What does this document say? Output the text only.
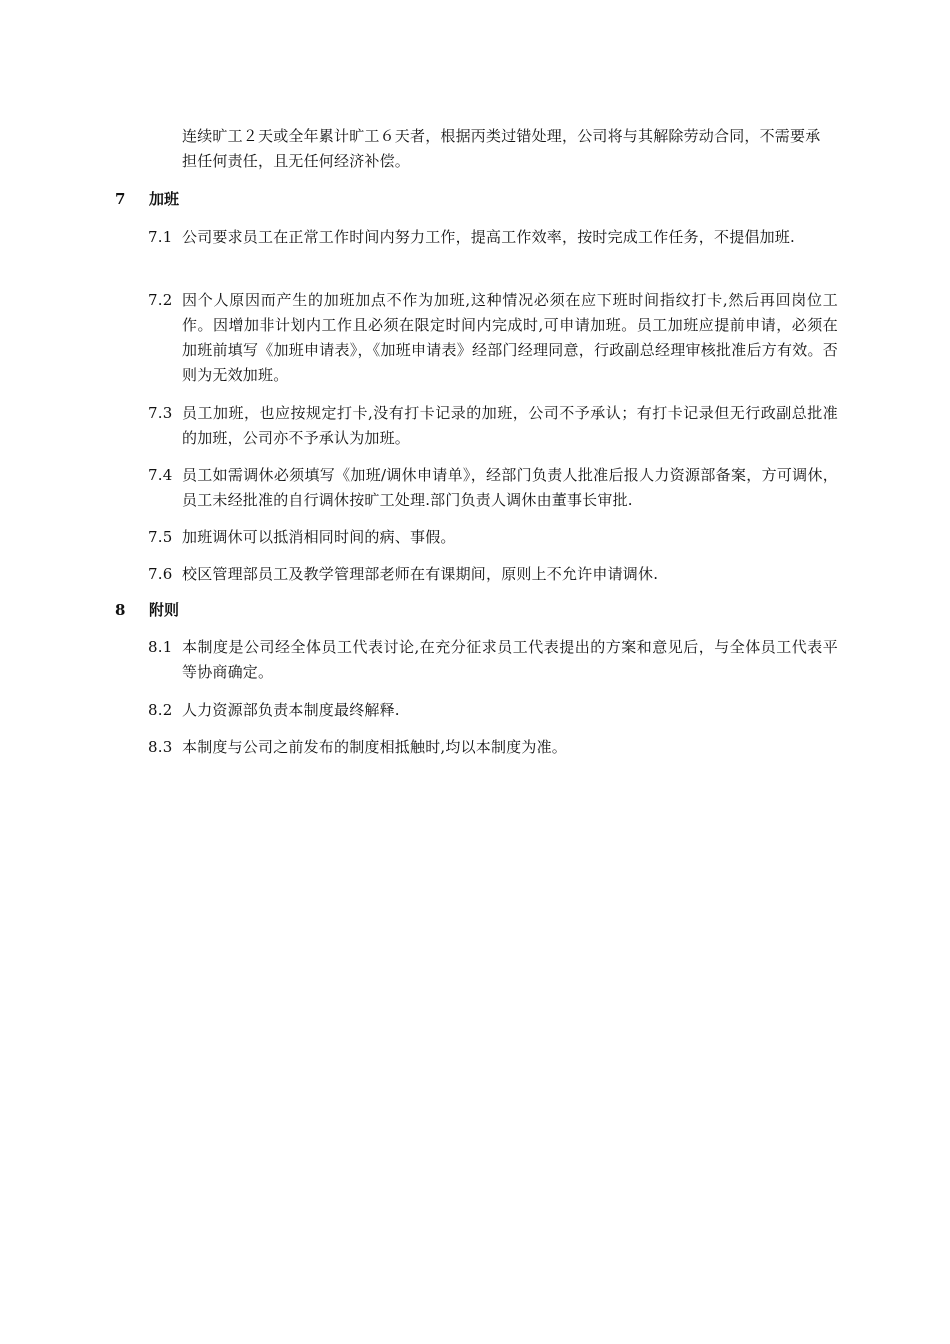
连续旷工２天或全年累计旷工６天者，根据丙类过错处理，公司将与其解除劳动合同，不需要承担任何责任，且无任何经济补偿。
7 加班
7.1 公司要求员工在正常工作时间内努力工作，提高工作效率，按时完成工作任务，不提倡加班.
7.2 因个人原因而产生的加班加点不作为加班,这种情况必须在应下班时间指纹打卡,然后再回岗位工作。因增加非计划内工作且必须在限定时间内完成时,可申请加班。员工加班应提前申请，必须在加班前填写《加班申请表》，《加班申请表》经部门经理同意，行政副总经理审核批准后方有效。否则为无效加班。
7.3 员工加班，也应按规定打卡,没有打卡记录的加班，公司不予承认；有打卡记录但无行政副总批准的加班，公司亦不予承认为加班。
7.4 员工如需调休必须填写《加班/调休申请单》，经部门负责人批准后报人力资源部备案，方可调休，员工未经批准的自行调休按旷工处理.部门负责人调休由董事长审批.
7.5 加班调休可以抵消相同时间的病、事假。
7.6 校区管理部员工及教学管理部老师在有课期间，原则上不允许申请调休.
8 附则
8.1 本制度是公司经全体员工代表讨论,在充分征求员工代表提出的方案和意见后，与全体员工代表平等协商确定。
8.2 人力资源部负责本制度最终解释.
8.3 本制度与公司之前发布的制度相抵触时,均以本制度为准。
